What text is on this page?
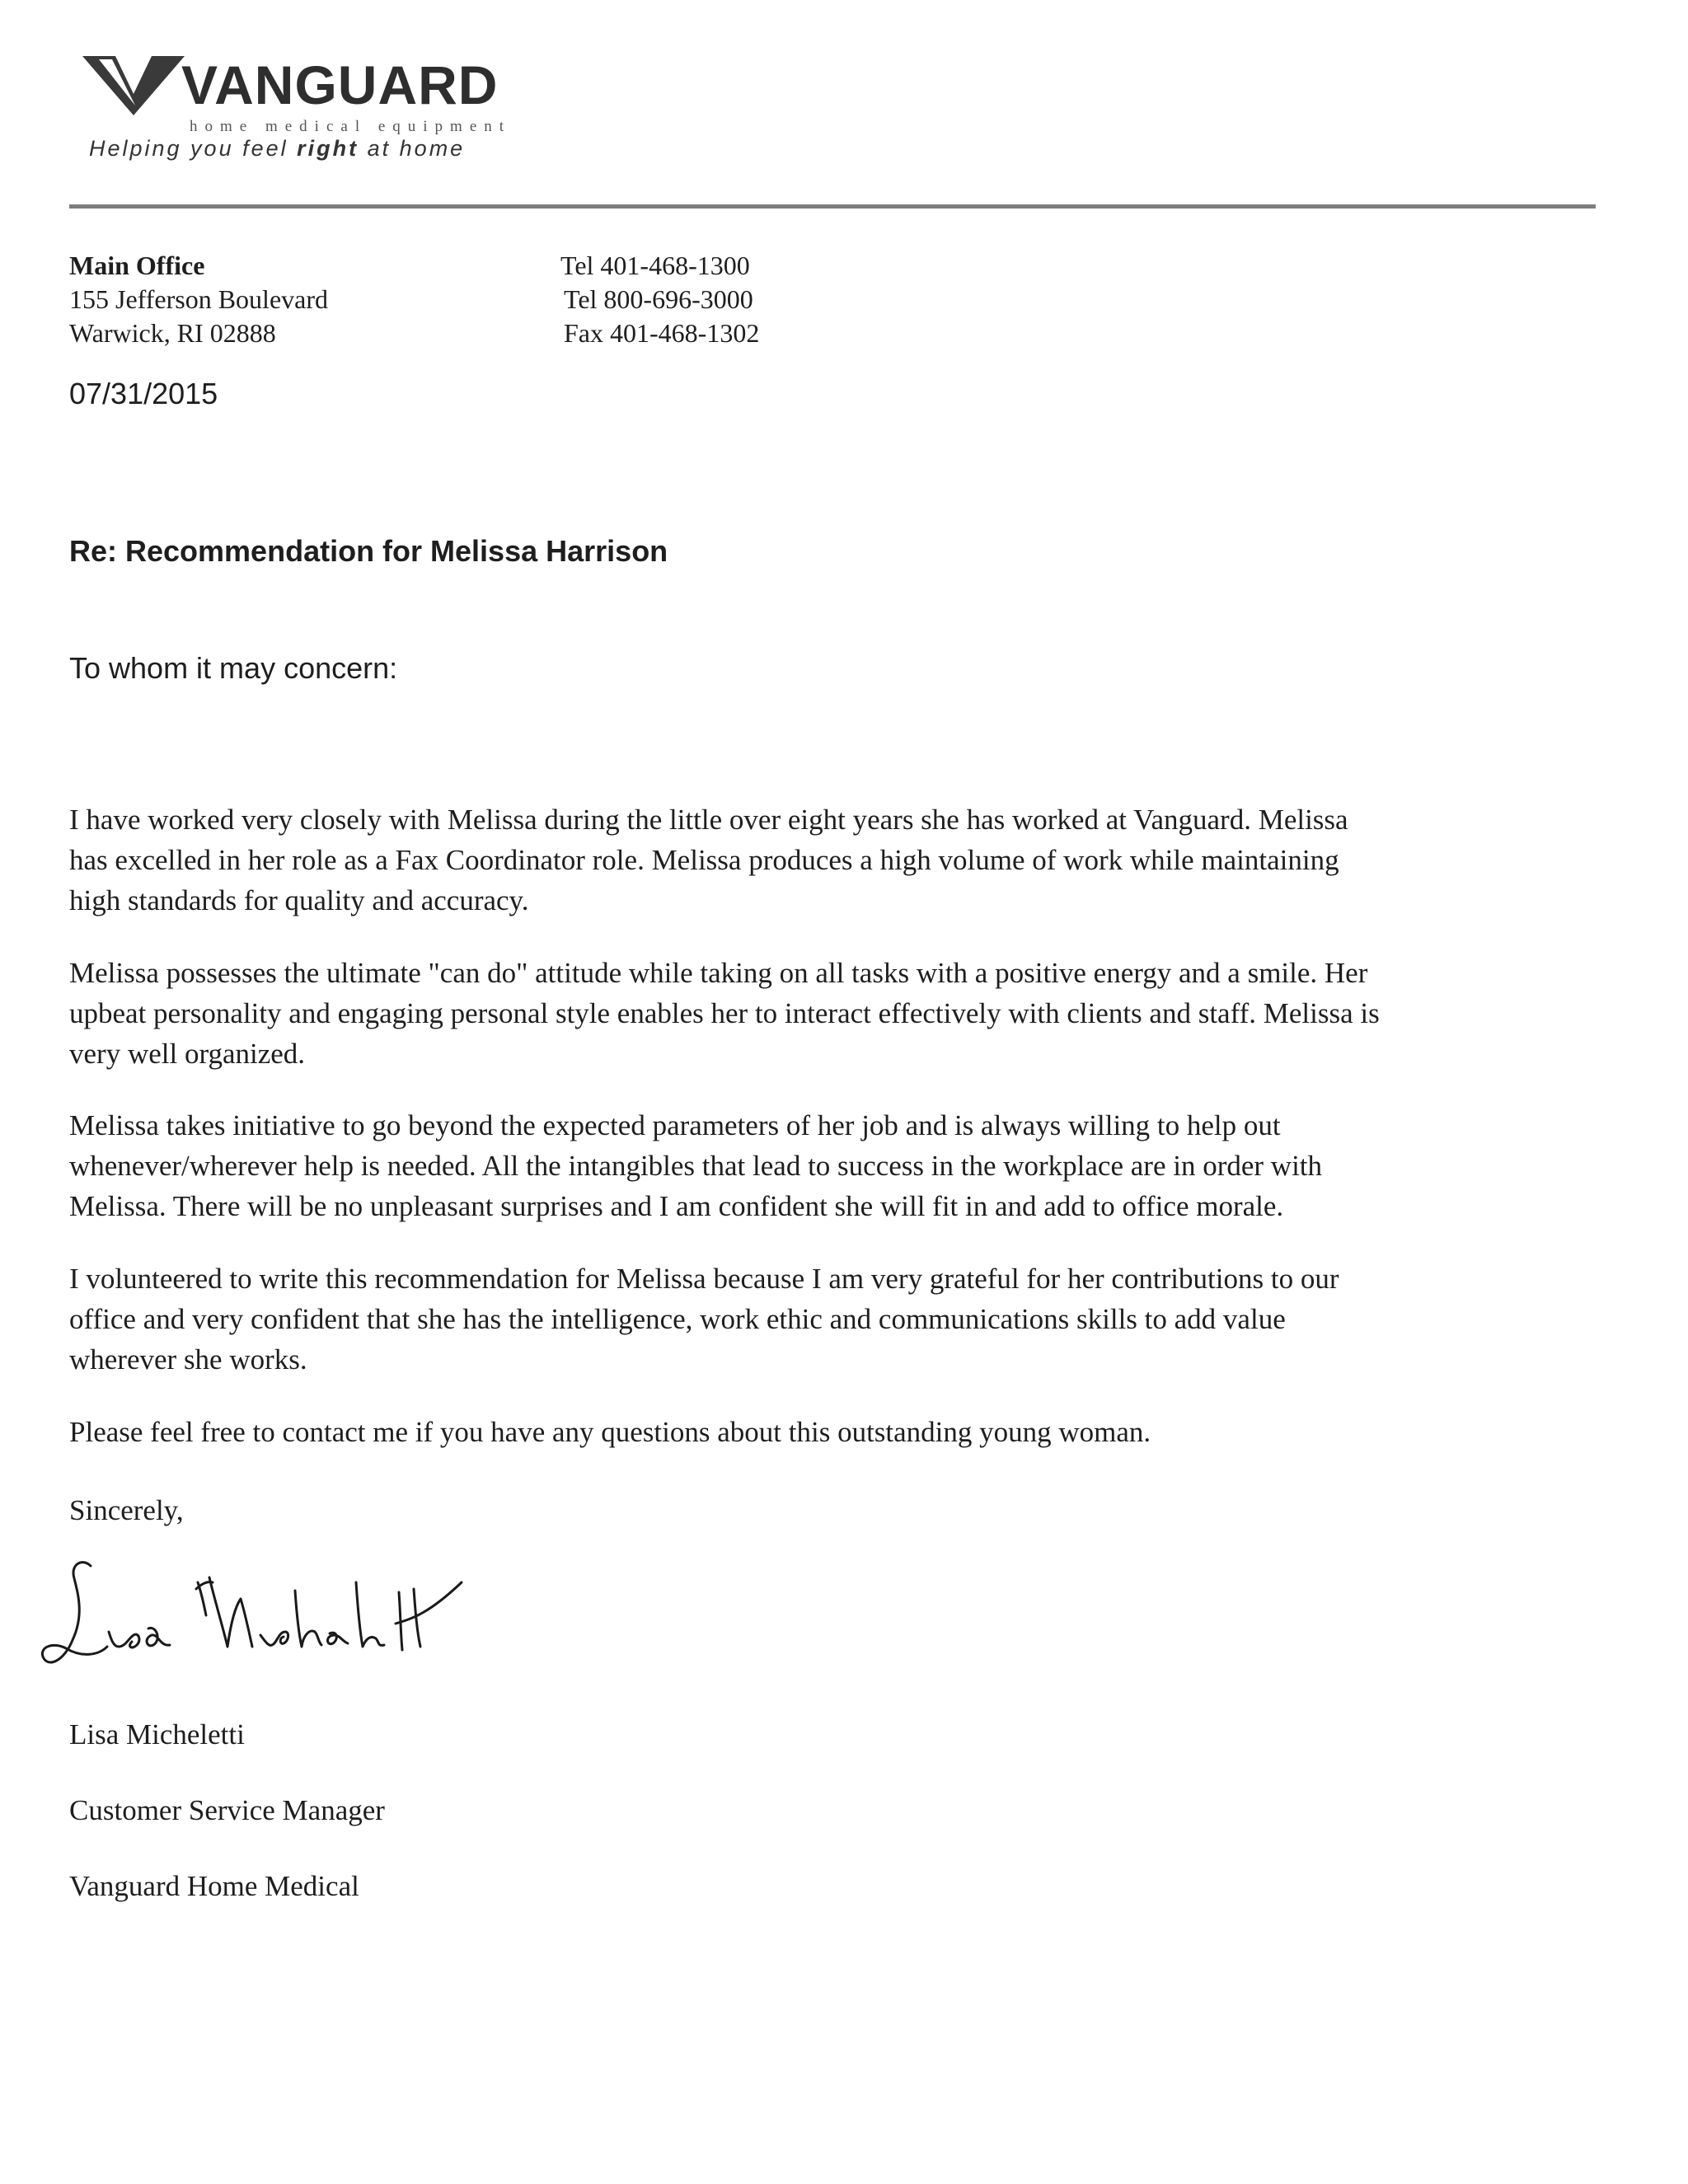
VANGUARD
home medical equipment
Helping you feel right at home
Main Office
155 Jefferson Boulevard
Warwick, RI 02888
Tel 401-468-1300
Tel 800-696-3000
Fax 401-468-1302
07/31/2015
Re: Recommendation for Melissa Harrison
To whom it may concern:
I have worked very closely with Melissa during the little over eight years she has worked at Vanguard. Melissa
has excelled in her role as a Fax Coordinator role. Melissa produces a high volume of work while maintaining
high standards for quality and accuracy.
Melissa possesses the ultimate "can do" attitude while taking on all tasks with a positive energy and a smile. Her
upbeat personality and engaging personal style enables her to interact effectively with clients and staff. Melissa is
very well organized.
Melissa takes initiative to go beyond the expected parameters of her job and is always willing to help out
whenever/wherever help is needed. All the intangibles that lead to success in the workplace are in order with
Melissa. There will be no unpleasant surprises and I am confident she will fit in and add to office morale.
I volunteered to write this recommendation for Melissa because I am very grateful for her contributions to our
office and very confident that she has the intelligence, work ethic and communications skills to add value
wherever she works.
Please feel free to contact me if you have any questions about this outstanding young woman.
Sincerely,
Lisa Micheletti
Customer Service Manager
Vanguard Home Medical
